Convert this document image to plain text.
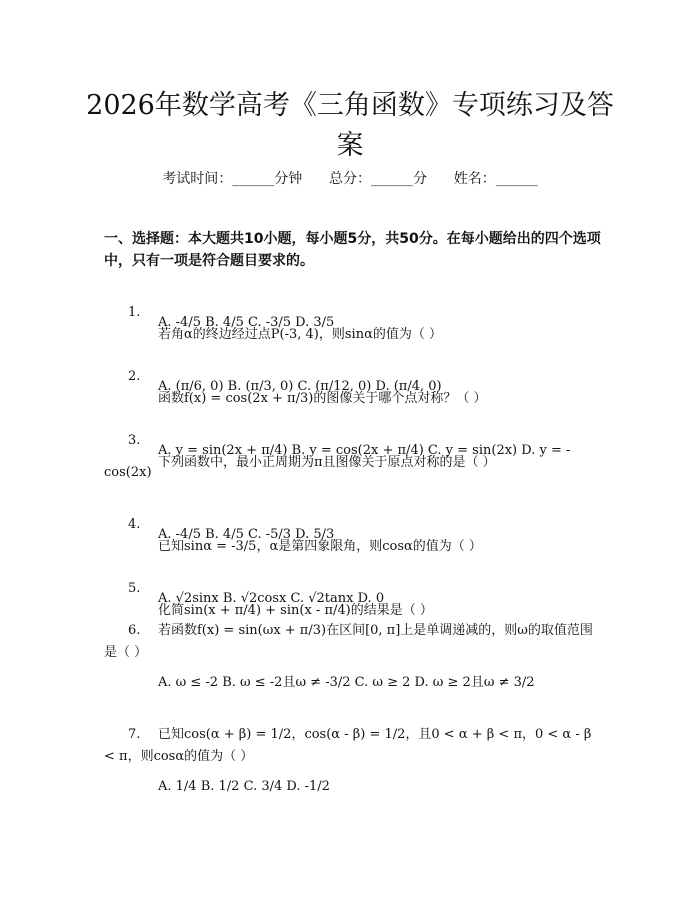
2026年数学高考《三角函数》专项练习及答案
考试时间：______分钟 总分：______分 姓名：______
一、选择题：本大题共10小题，每小题5分，共50分。在每小题给出的四个选项中，只有一项是符合题目要求的。

1.

若角α的终边经过点P(-3, 4)，则sinα的值为（ ）

A. -4/5 B. 4/5 C. -3/5 D. 3/5

2.

函数f(x) = cos(2x + π/3)的图像关于哪个点对称？（ ）

A. (π/6, 0) B. (π/3, 0) C. (π/12, 0) D. (π/4, 0)

3.

下列函数中，最小正周期为π且图像关于原点对称的是（ ）

A. y = sin(2x + π/4) B. y = cos(2x + π/4) C. y = sin(2x) D. y = -cos(2x)

4.

已知sinα = -3/5，α是第四象限角，则cosα的值为（ ）

A. -4/5 B. 4/5 C. -5/3 D. 5/3

5.

化简sin(x + π/4) + sin(x - π/4)的结果是（ ）

A. √2sinx B. √2cosx C. √2tanx D. 0
6. 若函数f(x) = sin(ωx + π/3)在区间[0, π]上是单调递减的，则ω的取值范围是（ ）
A. ω ≤ -2 B. ω ≤ -2且ω ≠ -3/2 C. ω ≥ 2 D. ω ≥ 2且ω ≠ 3/2
7. 已知cos(α + β) = 1/2，cos(α - β) = 1/2，且0 < α + β < π，0 < α - β < π，则cosα的值为（ ）
A. 1/4 B. 1/2 C. 3/4 D. -1/2
